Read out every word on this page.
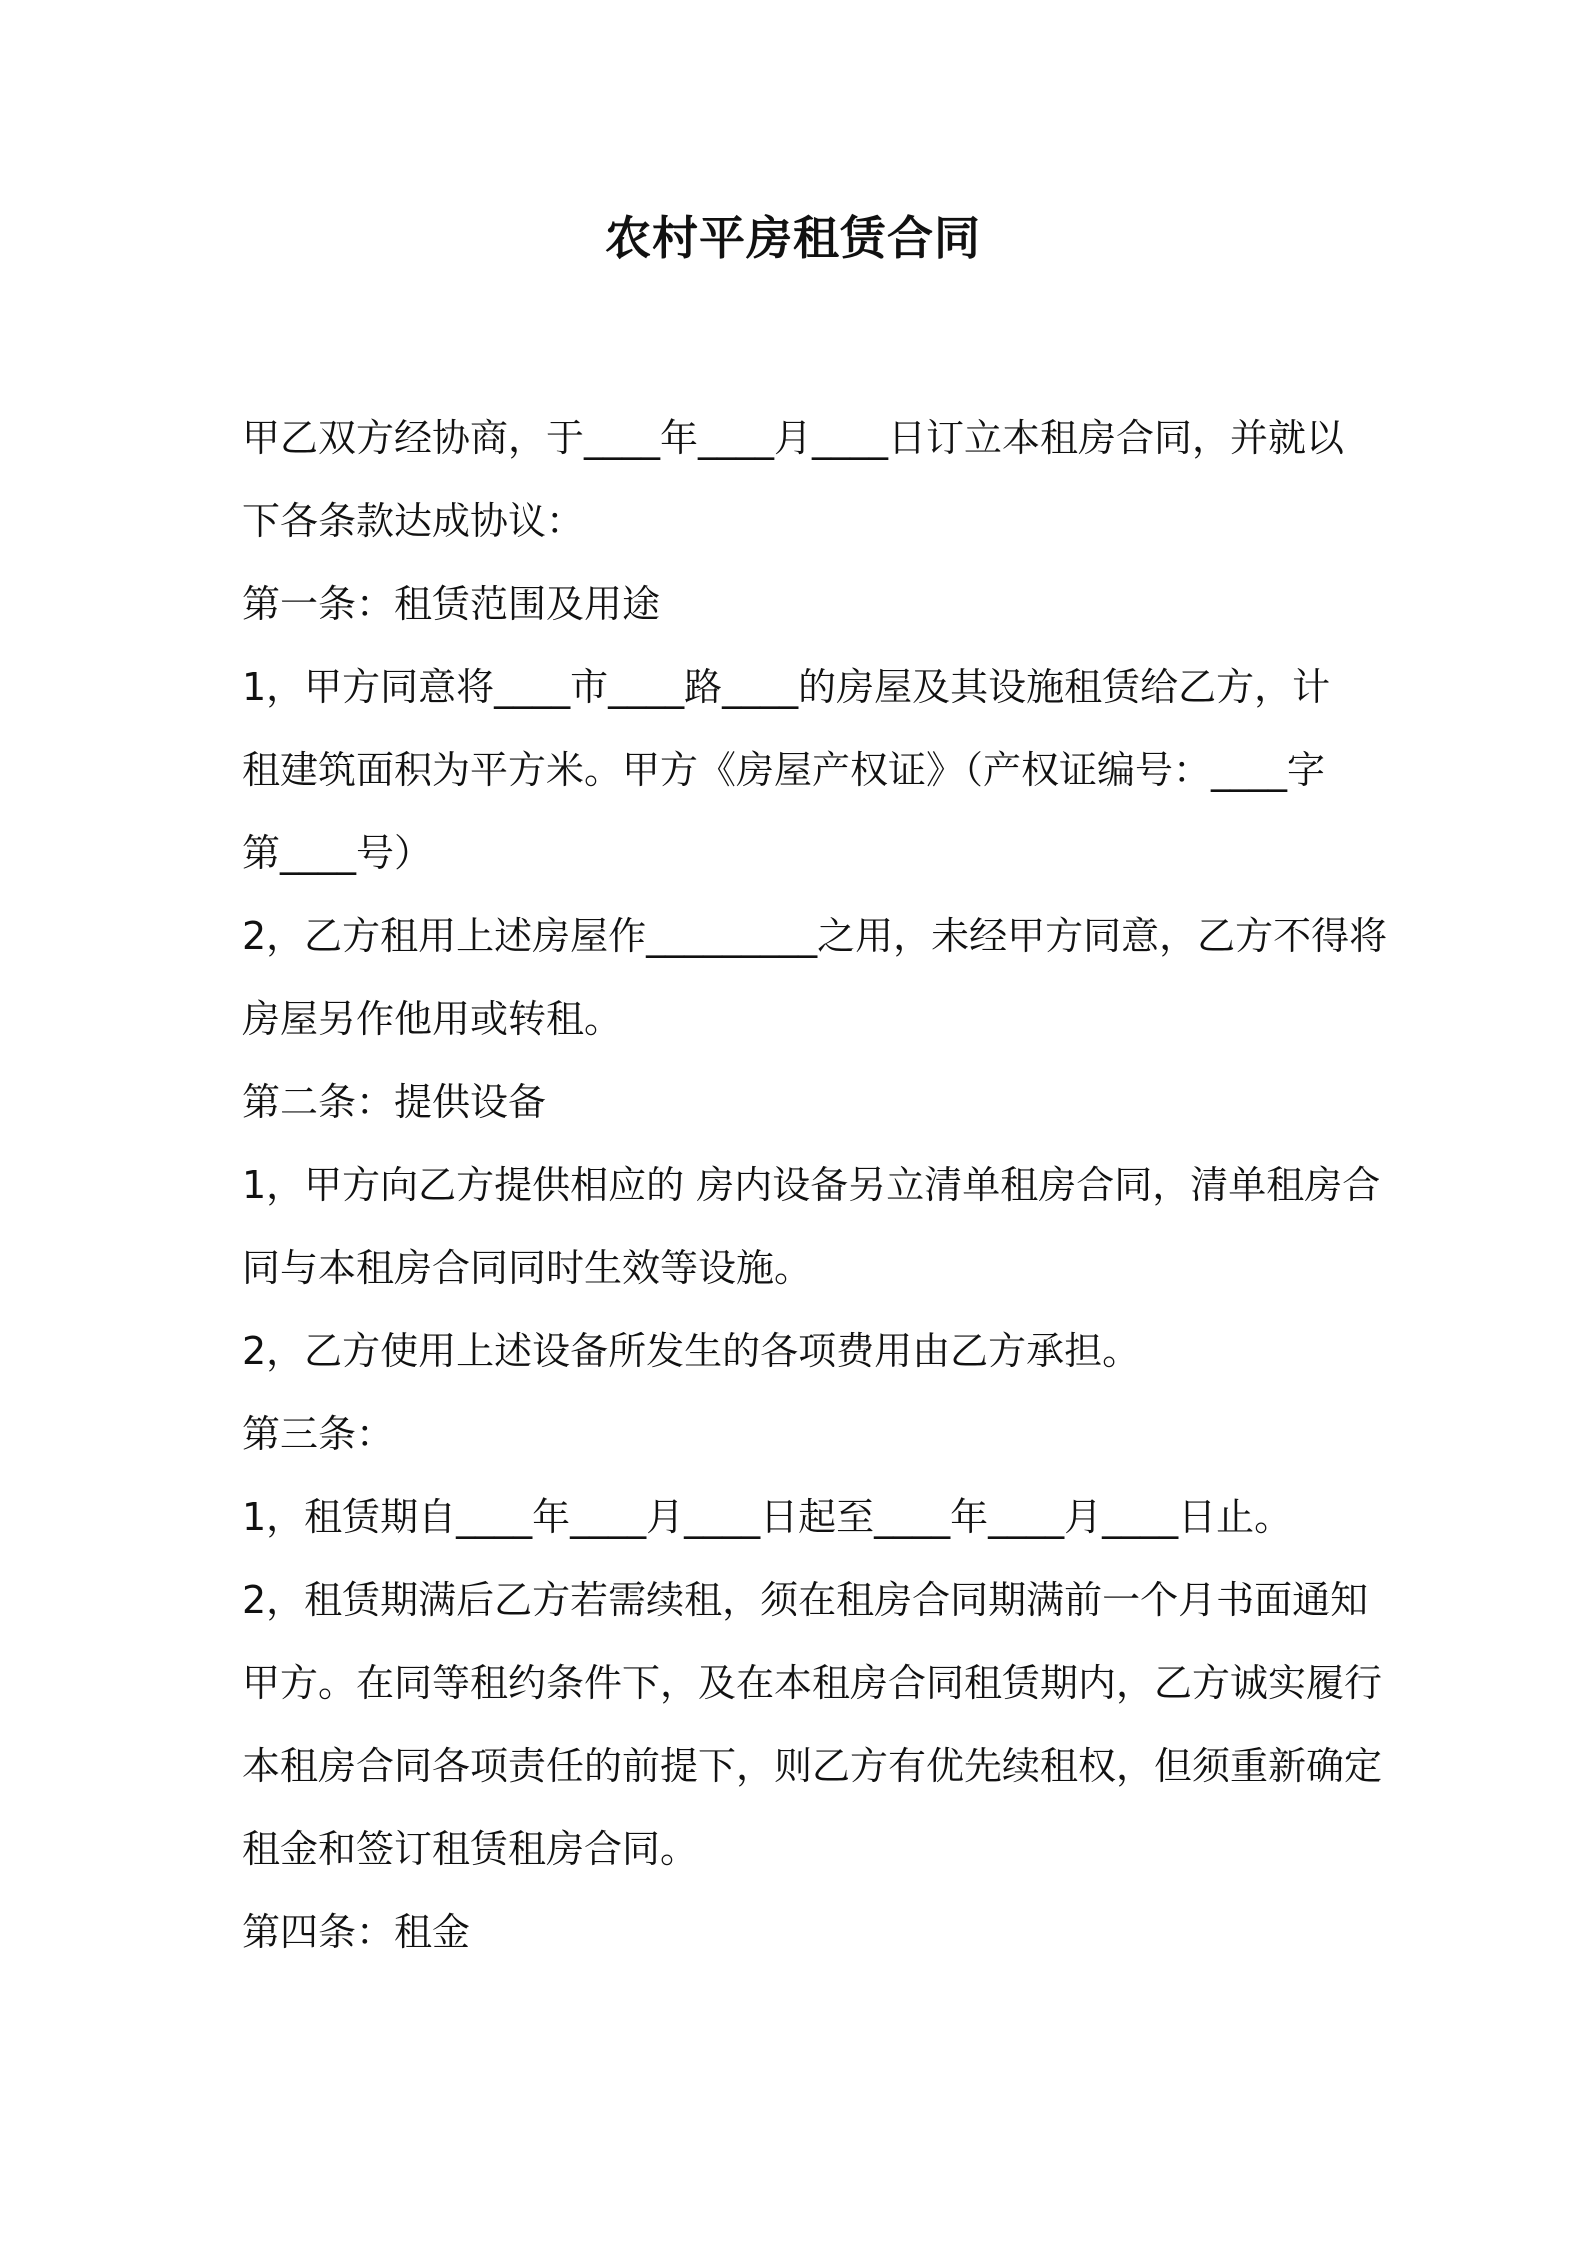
农村平房租赁合同
甲乙双方经协商，于____年____月____日订立本租房合同，并就以
下各条款达成协议：
第一条：租赁范围及用途
1，甲方同意将____市____路____的房屋及其设施租赁给乙方，计
租建筑面积为平方米。甲方《房屋产权证》（产权证编号：____字
第____号）
2，乙方租用上述房屋作_________之用，未经甲方同意，乙方不得将
房屋另作他用或转租。
第二条：提供设备
1，甲方向乙方提供相应的 房内设备另立清单租房合同，清单租房合
同与本租房合同同时生效等设施。
2，乙方使用上述设备所发生的各项费用由乙方承担。
第三条：
1，租赁期自____年____月____日起至____年____月____日止。
2，租赁期满后乙方若需续租，须在租房合同期满前一个月书面通知
甲方。在同等租约条件下，及在本租房合同租赁期内，乙方诚实履行
本租房合同各项责任的前提下，则乙方有优先续租权，但须重新确定
租金和签订租赁租房合同。
第四条：租金
